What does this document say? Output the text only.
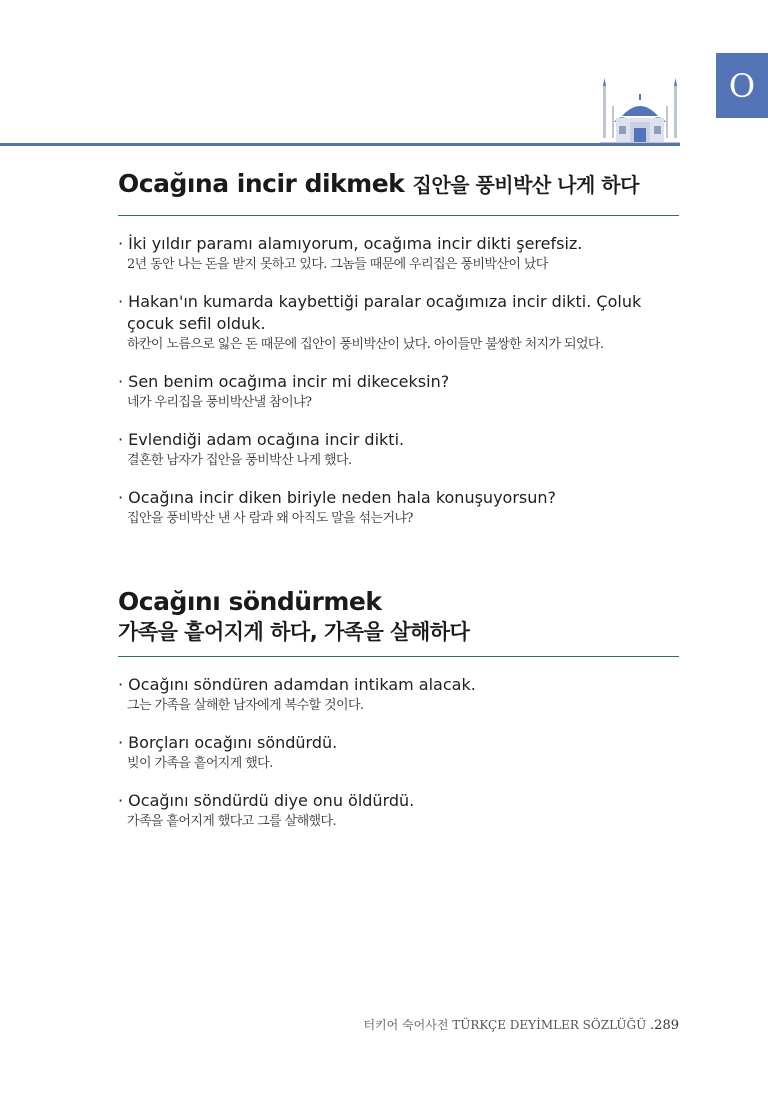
O
Ocağına incir dikmek 집안을 풍비박산 나게 하다
· İki yıldır paramı alamıyorum, ocağıma incir dikti şerefsiz.
2년 동안 나는 돈을 받지 못하고 있다. 그놈들 때문에 우리집은 풍비박산이 났다
· Hakan'ın kumarda kaybettiği paralar ocağımıza incir dikti. Çoluk çocuk sefil olduk.
하칸이 노름으로 잃은 돈 때문에 집안이 풍비박산이 났다. 아이들만 불쌍한 처지가 되었다.
· Sen benim ocağıma incir mi dikeceksin?
네가 우리집을 풍비박산낼 참이냐?
· Evlendiği adam ocağına incir dikti.
결혼한 남자가 집안을 풍비박산 나게 했다.
· Ocağına incir diken biriyle neden hala konuşuyorsun?
집안을 풍비박산 낸 사 람과 왜 아직도 말을 섞는거냐?
Ocağını söndürmek
가족을 흩어지게 하다, 가족을 살해하다
· Ocağını söndüren adamdan intikam alacak.
그는 가족을 살해한 남자에게 복수할 것이다.
· Borçları ocağını söndürdü.
빚이 가족을 흩어지게 했다.
· Ocağını söndürdü diye onu öldürdü.
가족을 흩어지게 했다고 그를 살해했다.
터키어 숙어사전 TÜRKÇE DEYİMLER SÖZLÜĞÜ .289
